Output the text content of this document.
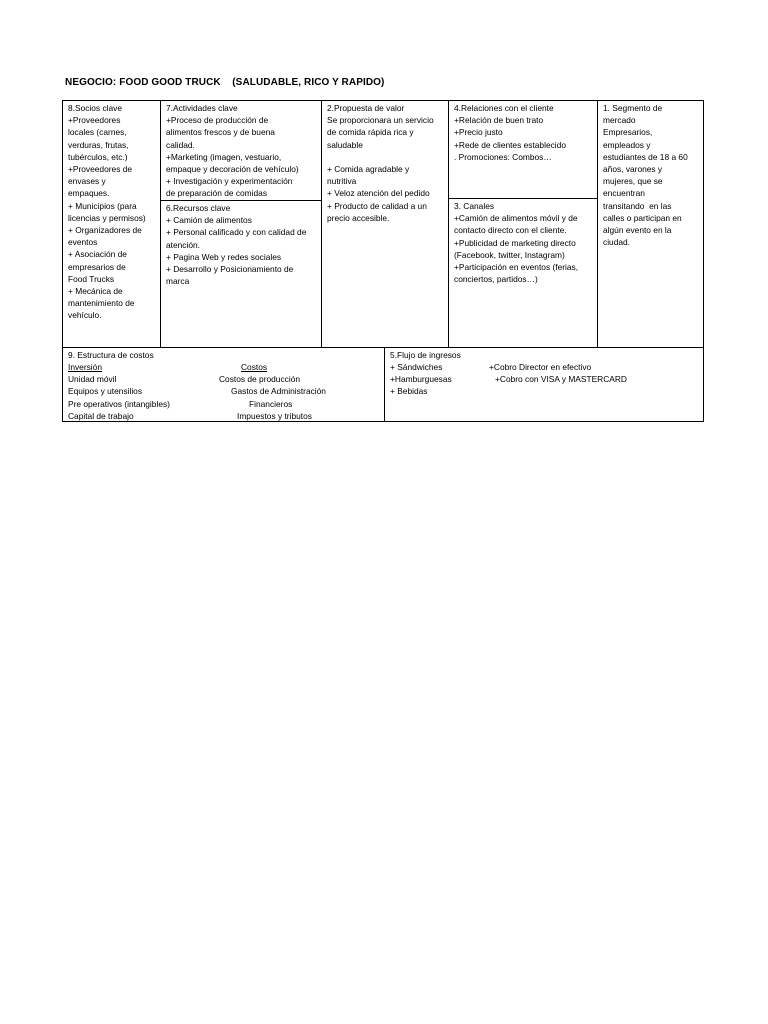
NEGOCIO: FOOD GOOD TRUCK    (SALUDABLE, RICO Y RAPIDO)
8.Socios clave
+Proveedores
locales (carnes,
verduras, frutas,
tubérculos, etc.)
+Proveedores de
envases y
empaques.
+ Municipios (para
licencias y permisos)
+ Organizadores de
eventos
+ Asociación de
empresarios de
Food Trucks
+ Mecánica de
mantenimiento de
vehículo.
7.Actividades clave
+Proceso de producción de
alimentos frescos y de buena
calidad.
+Marketing (imagen, vestuario,
empaque y decoración de vehículo)
+ Investigación y experimentación
de preparación de comidas
6.Recursos clave
+ Camión de alimentos
+ Personal calificado y con calidad de
atención.
+ Pagina Web y redes sociales
+ Desarrollo y Posicionamiento de
marca
2.Propuesta de valor
Se proporcionara un servicio
de comida rápida rica y
saludable

+ Comida agradable y
nutritiva
+ Veloz atención del pedido
+ Producto de calidad a un
precio accesible.
4.Relaciones con el cliente
+Relación de buen trato
+Precio justo
+Rede de clientes establecido
. Promociones: Combos…
3. Canales
+Camión de alimentos móvil y de
contacto directo con el cliente.
+Publicidad de marketing directo
(Facebook, twitter, Instagram)
+Participación en eventos (ferias,
conciertos, partidos…)
1. Segmento de
mercado
Empresarios,
empleados y
estudiantes de 18 a 60
años, varones y
mujeres, que se
encuentran
transitando  en las
calles o participan en
algún evento en la
ciudad.
9. Estructura de costos
Inversión
Unidad móvil
Equipos y utensilios
Pre operativos (intangibles)
Capital de trabajo
Costos
Costos de producción
Gastos de Administración
Financieros
Impuestos y tributos
5.Flujo de ingresos
+ Sándwiches
+Hamburguesas
+ Bebidas
+Cobro Director en efectivo
+Cobro con VISA y MASTERCARD
